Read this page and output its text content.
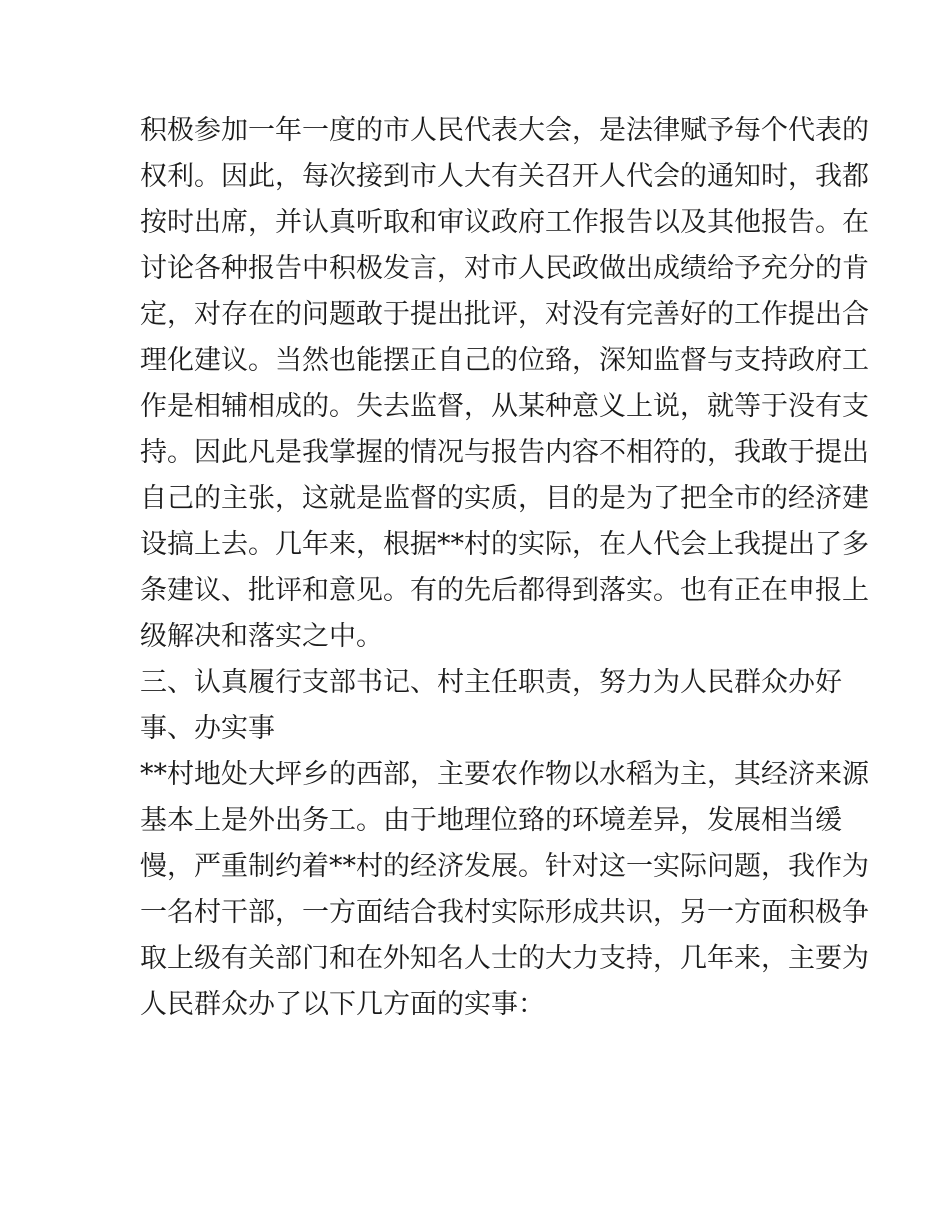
积极参加一年一度的市人民代表大会，是法律赋予每个代表的
权利。因此，每次接到市人大有关召开人代会的通知时，我都
按时出席，并认真听取和审议政府工作报告以及其他报告。在
讨论各种报告中积极发言，对市人民政做出成绩给予充分的肯
定，对存在的问题敢于提出批评，对没有完善好的工作提出合
理化建议。当然也能摆正自己的位臵，深知监督与支持政府工
作是相辅相成的。失去监督，从某种意义上说，就等于没有支
持。因此凡是我掌握的情况与报告内容不相符的，我敢于提出
自己的主张，这就是监督的实质，目的是为了把全市的经济建
设搞上去。几年来，根据**村的实际，在人代会上我提出了多
条建议、批评和意见。有的先后都得到落实。也有正在申报上
级解决和落实之中。
三、认真履行支部书记、村主任职责，努力为人民群众办好
事、办实事
**村地处大坪乡的西部，主要农作物以水稻为主，其经济来源
基本上是外出务工。由于地理位臵的环境差异，发展相当缓
慢，严重制约着**村的经济发展。针对这一实际问题，我作为
一名村干部，一方面结合我村实际形成共识，另一方面积极争
取上级有关部门和在外知名人士的大力支持，几年来，主要为
人民群众办了以下几方面的实事：
